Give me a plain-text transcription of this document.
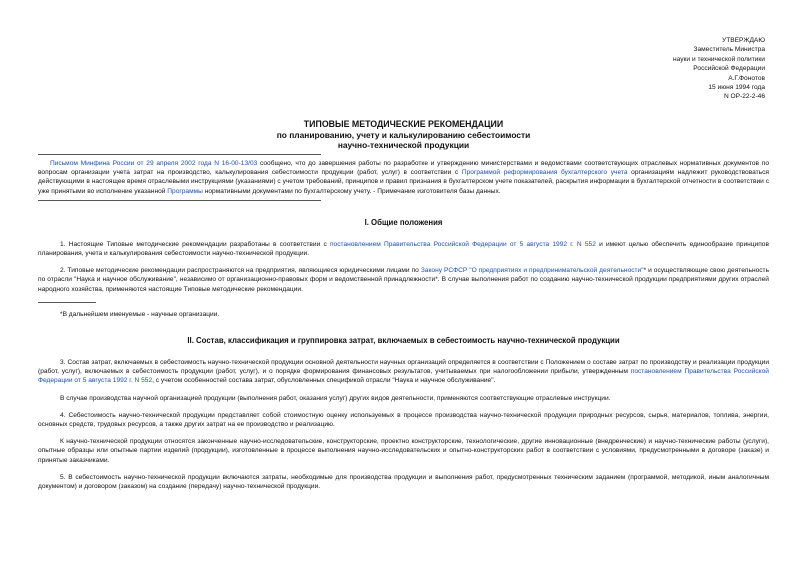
УТВЕРЖДАЮ
Заместитель Министра
науки и технической политики
Российской Федерации
А.Г.Фонотов
15 июня 1994 года
N ОР-22-2-46
ТИПОВЫЕ МЕТОДИЧЕСКИЕ РЕКОМЕНДАЦИИ
по планированию, учету и калькулированию себестоимости
научно-технической продукции

Письмом Минфина России от 29 апреля 2002 года N 16-00-13/03 сообщено, что до завершения работы по разработке и утверждению министерствами и ведомствами соответствующих отраслевых нормативных документов по вопросам организации учета затрат на производство, калькулирования себестоимости продукции (работ, услуг) в соответствии с Программой реформирования бухгалтерского учета организациям надлежит руководствоваться действующими в настоящее время отраслевыми инструкциями (указаниями) с учетом требований, принципов и правил признания в бухгалтерском учете показателей, раскрытия информации в бухгалтерской отчетности в соответствии с уже принятыми во исполнение указанной Программы нормативными документами по бухгалтерскому учету. - Примечание изготовителя базы данных.

I. Общие положения

1. Настоящие Типовые методические рекомендации разработаны в соответствии с постановлением Правительства Российской Федерации от 5 августа 1992 г. N 552 и имеют целью обеспечить единообразие принципов планирования, учета и калькулирования себестоимости научно-технической продукции.

2. Типовые методические рекомендации распространяются на предприятия, являющиеся юридическими лицами по Закону РСФСР "О предприятиях и предпринимательской деятельности"* и осуществляющие свою деятельность по отрасли "Наука и научное обслуживание", независимо от организационно-правовых форм и ведомственной принадлежности*. В случае выполнения работ по созданию научно-технической продукции предприятиями других отраслей народного хозяйства, применяются настоящие Типовые методические рекомендации.

*В дальнейшем именуемые - научные организации.

II. Состав, классификация и группировка затрат, включаемых в себестоимость научно-технической продукции

3. Состав затрат, включаемых в себестоимость научно-технической продукции основной деятельности научных организаций определяется в соответствии с Положением о составе затрат по производству и реализации продукции (работ, услуг), включаемых в себестоимость продукции (работ, услуг), и о порядке формирования финансовых результатов, учитываемых при налогообложении прибыли, утвержденным постановлением Правительства Российской Федерации от 5 августа 1992 г. N 552, с учетом особенностей состава затрат, обусловленных спецификой отрасли "Наука и научное обслуживание".

В случае производства научной организацией продукции (выполнения работ, оказания услуг) других видов деятельности, применяются соответствующие отраслевые инструкции.

4. Себестоимость научно-технической продукции представляет собой стоимостную оценку используемых в процессе производства научно-технической продукции природных ресурсов, сырья, материалов, топлива, энергии, основных средств, трудовых ресурсов, а также других затрат на ее производство и реализацию.

К научно-технической продукции относятся законченные научно-исследовательские, конструкторские, проектно конструкторские, технологические, другие инновационные (внедренческие) и научно-технические работы (услуги), опытные образцы или опытные партии изделий (продукции), изготовленные в процессе выполнения научно-исследовательских и опытно-конструкторских работ в соответствии с условиями, предусмотренными в договоре (заказе) и принятые заказчиками.

5. В себестоимость научно-технической продукции включаются затраты, необходимые для производства продукции и выполнения работ, предусмотренных техническим заданием (программой, методикой, иным аналогичным документом) и договором (заказом) на создание (передачу) научно-технической продукции.
